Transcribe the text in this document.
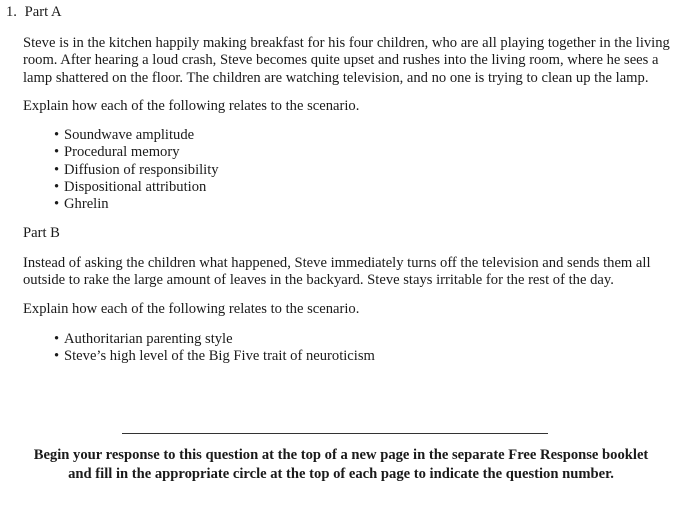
1. Part A

Steve is in the kitchen happily making breakfast for his four children, who are all playing together in the living room. After hearing a loud crash, Steve becomes quite upset and rushes into the living room, where he sees a lamp shattered on the floor. The children are watching television, and no one is trying to clean up the lamp.

Explain how each of the following relates to the scenario.

• Soundwave amplitude
• Procedural memory
• Diffusion of responsibility
• Dispositional attribution
• Ghrelin

Part B

Instead of asking the children what happened, Steve immediately turns off the television and sends them all outside to rake the large amount of leaves in the backyard. Steve stays irritable for the rest of the day.

Explain how each of the following relates to the scenario.

• Authoritarian parenting style
• Steve’s high level of the Big Five trait of neuroticism

Begin your response to this question at the top of a new page in the separate Free Response booklet
and fill in the appropriate circle at the top of each page to indicate the question number.
